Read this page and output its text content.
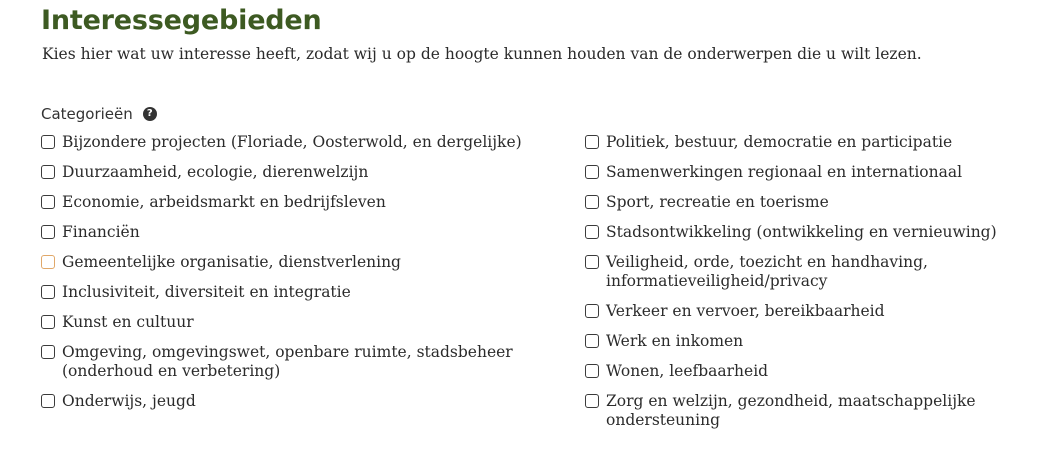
Interessegebieden

Kies hier wat uw interesse heeft, zodat wij u op de hoogte kunnen houden van de onderwerpen die u wilt lezen.

Categorieën	?
Bijzondere projecten (Floriade, Oosterwold, en dergelijke)
Duurzaamheid, ecologie, dierenwelzijn
Economie, arbeidsmarkt en bedrijfsleven
Financiën
Gemeentelijke organisatie, dienstverlening
Inclusiviteit, diversiteit en integratie
Kunst en cultuur
Omgeving, omgevingswet, openbare ruimte, stadsbeheer (onderhoud en verbetering)
Onderwijs, jeugd
Politiek, bestuur, democratie en participatie
Samenwerkingen regionaal en internationaal
Sport, recreatie en toerisme
Stadsontwikkeling (ontwikkeling en vernieuwing)
Veiligheid, orde, toezicht en handhaving, informatieveiligheid/privacy
Verkeer en vervoer, bereikbaarheid
Werk en inkomen
Wonen, leefbaarheid
Zorg en welzijn, gezondheid, maatschappelijke ondersteuning
